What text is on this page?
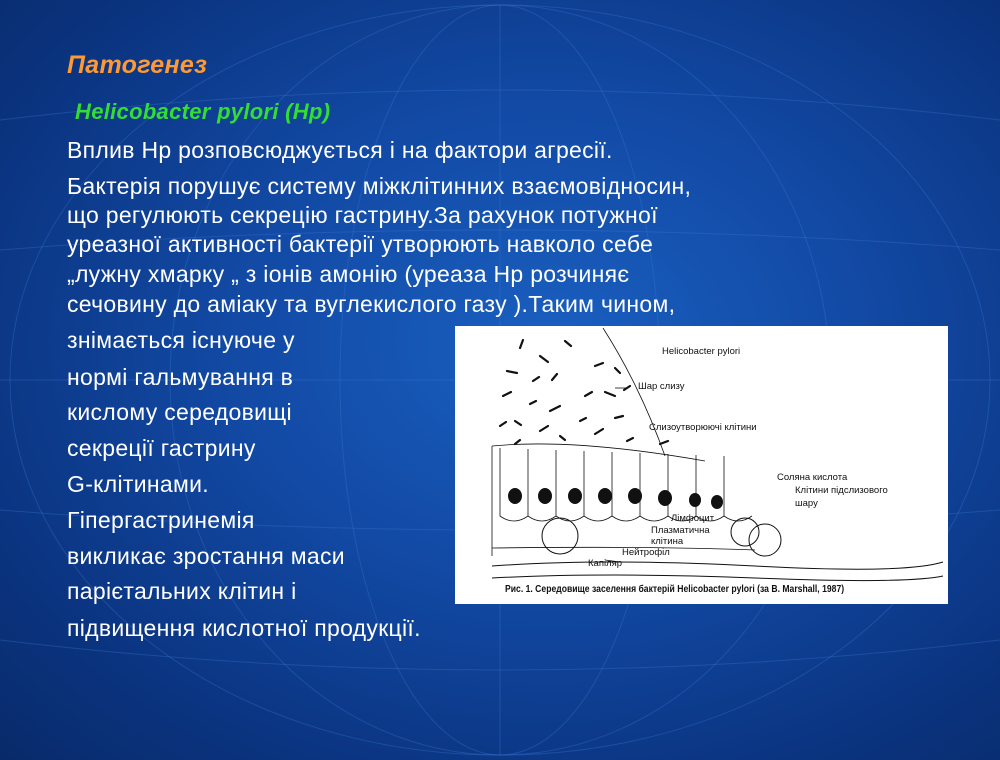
Патогенез
Helicobacter pylori (Hp)
Вплив Hp розповсюджується і на фактори агресії.
Бактерія порушує систему міжклітинних взаємовідносин,
що регулюють секрецію гастрину.За рахунок потужної
уреазної активності бактерії утворюють навколо себе
„лужну хмарку „ з іонів амонію (уреаза Hp розчиняє
сечовину до аміаку та вуглекислого газу ).Таким чином,
знімається існуюче у
нормі гальмування в
кислому середовищі
секреції гастрину
G-клітинами.
Гіпергастринемія
викликає зростання маси
парієтальних клітин і
підвищення кислотної продукції.
Helicobacter pylori
Шар слизу
Слизоутворюючі клітини
Соляна кислота
Клітини підслизового
шару
Лімфоцит
Плазматична
клітина
Нейтрофіл
Капіляр
Рис. 1. Середовище заселення бактерій Helicobacter pylori (за B. Marshall, 1987)
